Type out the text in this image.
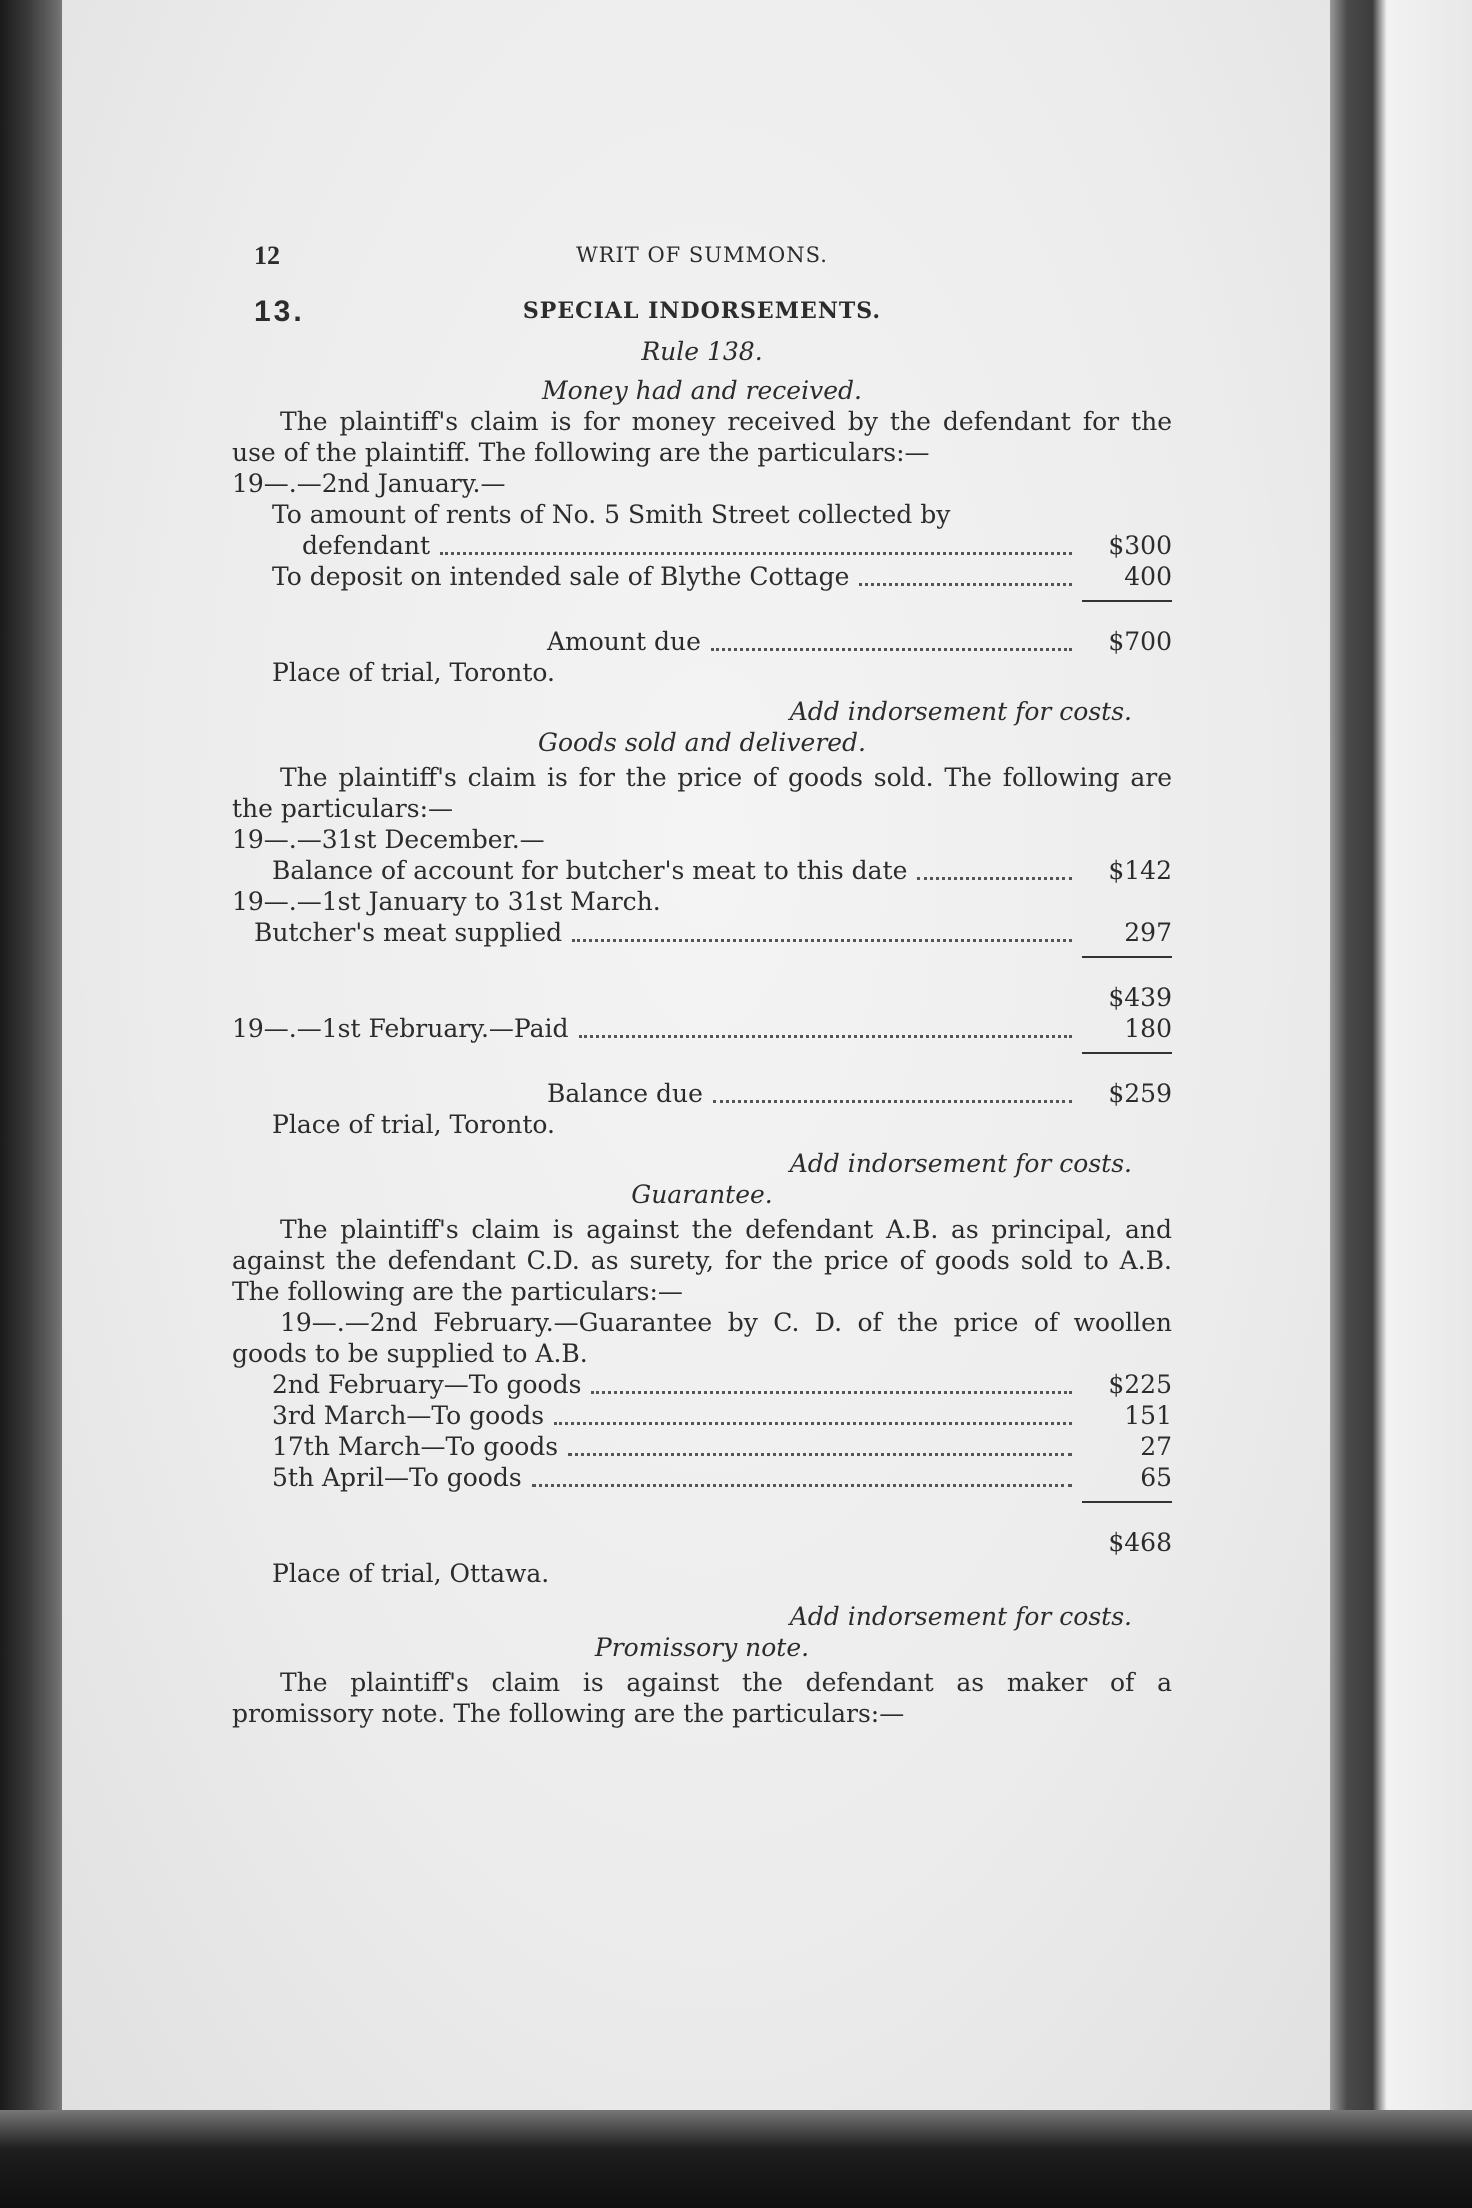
12	WRIT OF SUMMONS.
13.	SPECIAL INDORSEMENTS.
Rule 138.
Money had and received.
The plaintiff's claim is for money received by the defendant for the use of the plaintiff. The following are the particulars:—
19—.—2nd January.—
To amount of rents of No. 5 Smith Street collected by
defendant	$300
To deposit on intended sale of Blythe Cottage	400
Amount due	$700
Place of trial, Toronto.
Add indorsement for costs.
Goods sold and delivered.
The plaintiff's claim is for the price of goods sold. The following are the particulars:—
19—.—31st December.—
Balance of account for butcher's meat to this date	$142
19—.—1st January to 31st March.
Butcher's meat supplied	297
$439
19—.—1st February.—Paid	180
Balance due	$259
Place of trial, Toronto.
Add indorsement for costs.
Guarantee.
The plaintiff's claim is against the defendant A.B. as principal, and against the defendant C.D. as surety, for the price of goods sold to A.B. The following are the particulars:—
19—.—2nd February.—Guarantee by C. D. of the price of woollen goods to be supplied to A.B.
2nd February—To goods	$225
3rd March—To goods	151
17th March—To goods	27
5th April—To goods	65
$468
Place of trial, Ottawa.
Add indorsement for costs.
Promissory note.
The plaintiff's claim is against the defendant as maker of a promissory note. The following are the particulars:—
